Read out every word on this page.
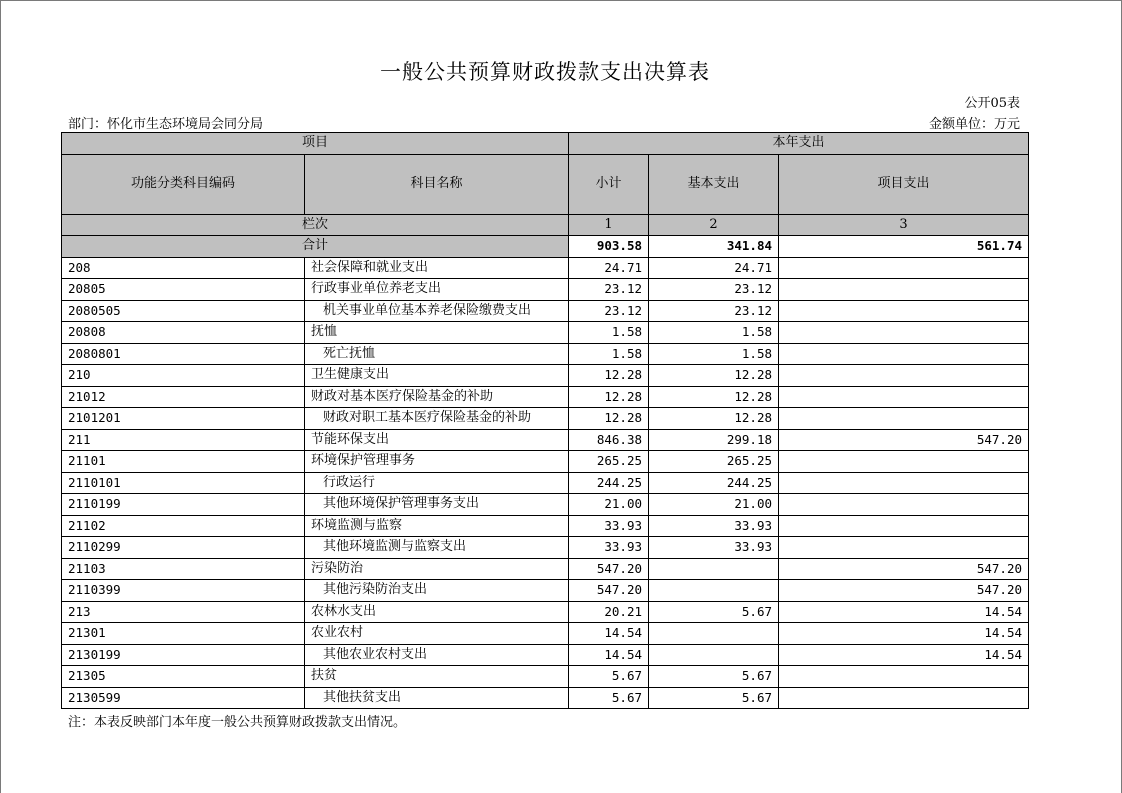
一般公共预算财政拨款支出决算表
公开05表
部门：怀化市生态环境局会同分局	金额单位：万元
项目		本年支出		
功能分类科目编码	科目名称	小计	基本支出	项目支出
栏次		1	2	3
合计		903.58	341.84	561.74
208	社会保障和就业支出	24.71	24.71	
20805	行政事业单位养老支出	23.12	23.12	
2080505	机关事业单位基本养老保险缴费支出	23.12	23.12	
20808	抚恤	1.58	1.58	
2080801	死亡抚恤	1.58	1.58	
210	卫生健康支出	12.28	12.28	
21012	财政对基本医疗保险基金的补助	12.28	12.28	
2101201	财政对职工基本医疗保险基金的补助	12.28	12.28	
211	节能环保支出	846.38	299.18	547.20
21101	环境保护管理事务	265.25	265.25	
2110101	行政运行	244.25	244.25	
2110199	其他环境保护管理事务支出	21.00	21.00	
21102	环境监测与监察	33.93	33.93	
2110299	其他环境监测与监察支出	33.93	33.93	
21103	污染防治	547.20		547.20
2110399	其他污染防治支出	547.20		547.20
213	农林水支出	20.21	5.67	14.54
21301	农业农村	14.54		14.54
2130199	其他农业农村支出	14.54		14.54
21305	扶贫	5.67	5.67	
2130599	其他扶贫支出	5.67	5.67	
注：本表反映部门本年度一般公共预算财政拨款支出情况。
